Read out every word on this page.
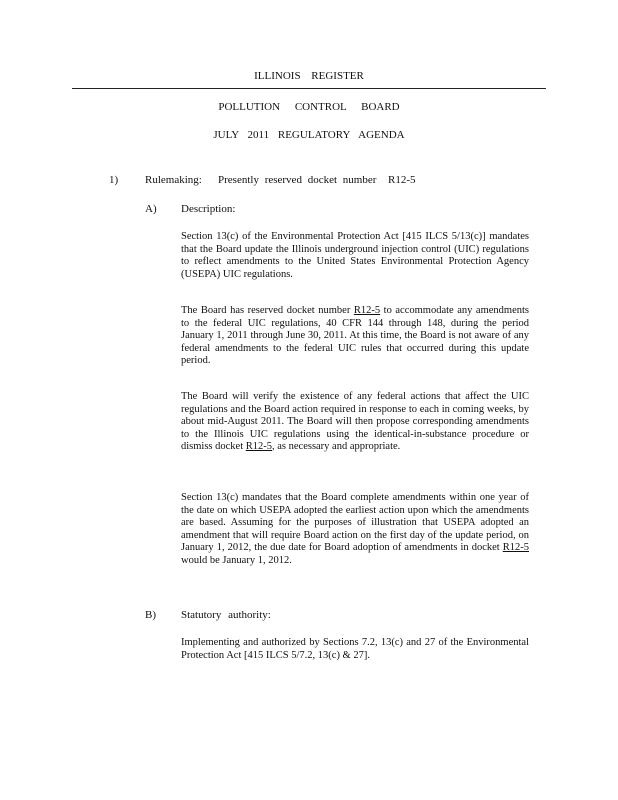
ILLINOIS REGISTER
POLLUTION CONTROL BOARD
JULY 2011 REGULATORY AGENDA
1) Rulemaking: Presently reserved docket number R12-5
A) Description:

Section 13(c) of the Environmental Protection Act [415 ILCS 5/13(c)] mandates that the Board update the Illinois underground injection control (UIC) regulations to reflect amendments to the United States Environmental Protection Agency (USEPA) UIC regulations.

The Board has reserved docket number R12-5 to accommodate any amendments to the federal UIC regulations, 40 CFR 144 through 148, during the period January 1, 2011 through June 30, 2011. At this time, the Board is not aware of any federal amendments to the federal UIC rules that occurred during this update period.

The Board will verify the existence of any federal actions that affect the UIC regulations and the Board action required in response to each in coming weeks, by about mid-August 2011. The Board will then propose corresponding amendments to the Illinois UIC regulations using the identical-in-substance procedure or dismiss docket R12-5, as necessary and appropriate.

Section 13(c) mandates that the Board complete amendments within one year of the date on which USEPA adopted the earliest action upon which the amendments are based. Assuming for the purposes of illustration that USEPA adopted an amendment that will require Board action on the first day of the update period, on January 1, 2012, the due date for Board adoption of amendments in docket R12-5 would be January 1, 2012.

B) Statutory authority:

Implementing and authorized by Sections 7.2, 13(c) and 27 of the Environmental Protection Act [415 ILCS 5/7.2, 13(c) & 27].
